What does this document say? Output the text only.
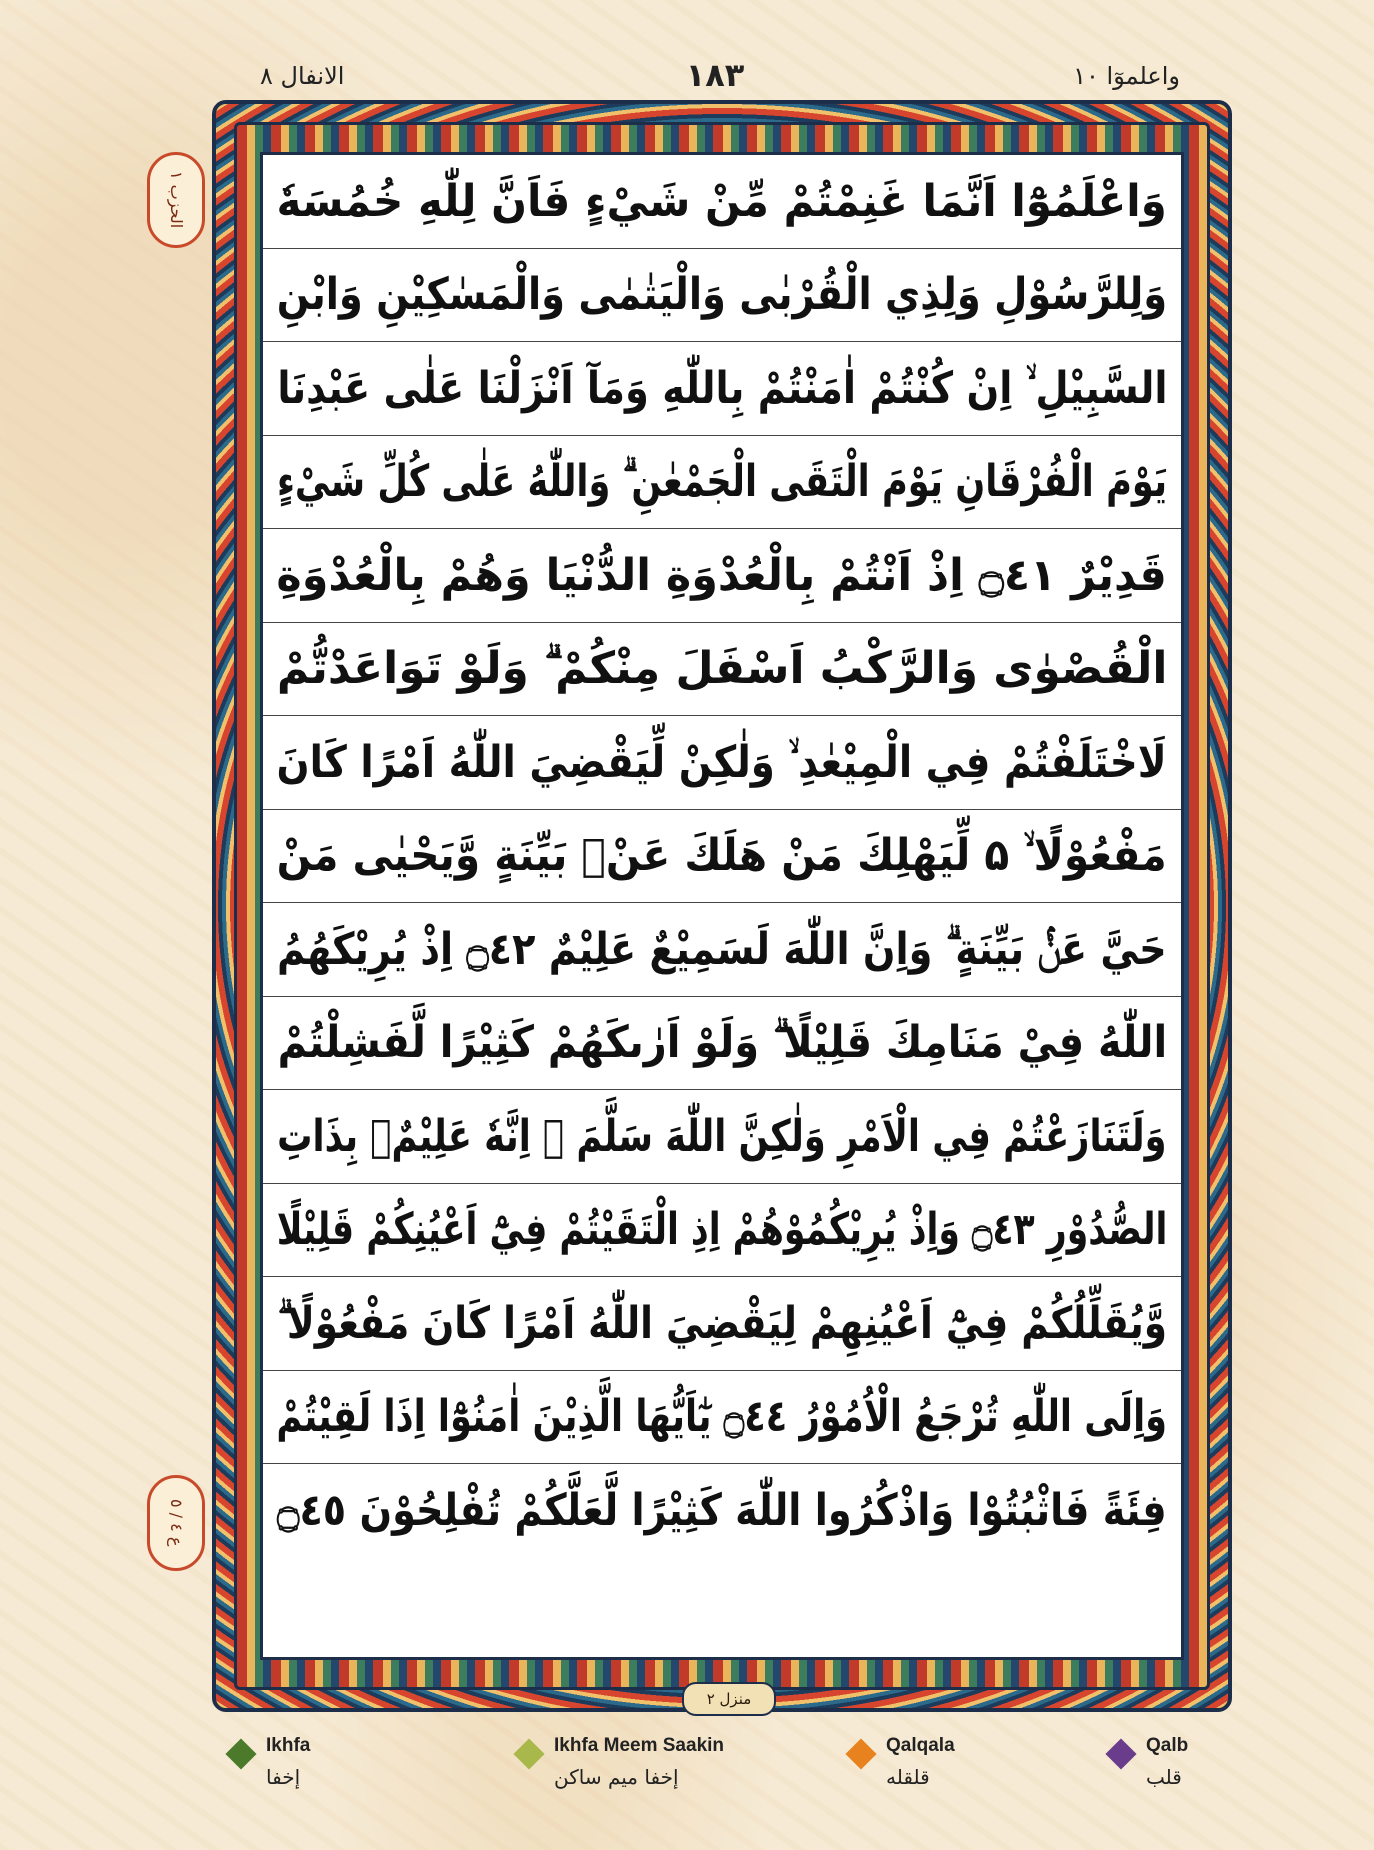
الانفال ٨	١٨٣	واعلموٓا ١٠
الحزب ١
ع ٤ / ٥
وَاعْلَمُوْٓا اَنَّمَا غَنِمْتُمْ مِّنْ شَيْءٍ فَاَنَّ لِلّٰهِ خُمُسَهٗ
وَلِلرَّسُوْلِ وَلِذِي الْقُرْبٰى وَالْيَتٰمٰى وَالْمَسٰكِيْنِ وَابْنِ
السَّبِيْلِ ۙ اِنْ كُنْتُمْ اٰمَنْتُمْ بِاللّٰهِ وَمَآ اَنْزَلْنَا عَلٰى عَبْدِنَا
يَوْمَ الْفُرْقَانِ يَوْمَ الْتَقَى الْجَمْعٰنِ ۗ وَاللّٰهُ عَلٰى كُلِّ شَيْءٍ
قَدِيْرٌ ۝٤١ اِذْ اَنْتُمْ بِالْعُدْوَةِ الدُّنْيَا وَهُمْ بِالْعُدْوَةِ
الْقُصْوٰى وَالرَّكْبُ اَسْفَلَ مِنْكُمْ ۗ وَلَوْ تَوَاعَدْتُّمْ
لَاخْتَلَفْتُمْ فِي الْمِيْعٰدِ ۙ وَلٰكِنْ لِّيَقْضِيَ اللّٰهُ اَمْرًا كَانَ
مَفْعُوْلًا ۙ ۵ لِّيَهْلِكَ مَنْ هَلَكَ عَنْۢ بَيِّنَةٍ وَّيَحْيٰى مَنْ
حَيَّ عَنْۢ بَيِّنَةٍ ۗ وَاِنَّ اللّٰهَ لَسَمِيْعٌ عَلِيْمٌ ۝٤٢ اِذْ يُرِيْكَهُمُ
اللّٰهُ فِيْ مَنَامِكَ قَلِيْلًا ۗ وَلَوْ اَرٰىكَهُمْ كَثِيْرًا لَّفَشِلْتُمْ
وَلَتَنَازَعْتُمْ فِي الْاَمْرِ وَلٰكِنَّ اللّٰهَ سَلَّمَ ۗ اِنَّهٗ عَلِيْمٌۢ بِذَاتِ
الصُّدُوْرِ ۝٤٣ وَاِذْ يُرِيْكُمُوْهُمْ اِذِ الْتَقَيْتُمْ فِيْٓ اَعْيُنِكُمْ قَلِيْلًا
وَّيُقَلِّلُكُمْ فِيْٓ اَعْيُنِهِمْ لِيَقْضِيَ اللّٰهُ اَمْرًا كَانَ مَفْعُوْلًا ۗ
وَاِلَى اللّٰهِ تُرْجَعُ الْاُمُوْرُ ۝٤٤ يٰٓاَيُّهَا الَّذِيْنَ اٰمَنُوْٓا اِذَا لَقِيْتُمْ
فِئَةً فَاثْبُتُوْا وَاذْكُرُوا اللّٰهَ كَثِيْرًا لَّعَلَّكُمْ تُفْلِحُوْنَ ۝٤٥
منزل ٢
Ikhfa
إخفا
Ikhfa Meem Saakin
إخفا ميم ساكن
Qalqala
قلقله
Qalb
قلب
